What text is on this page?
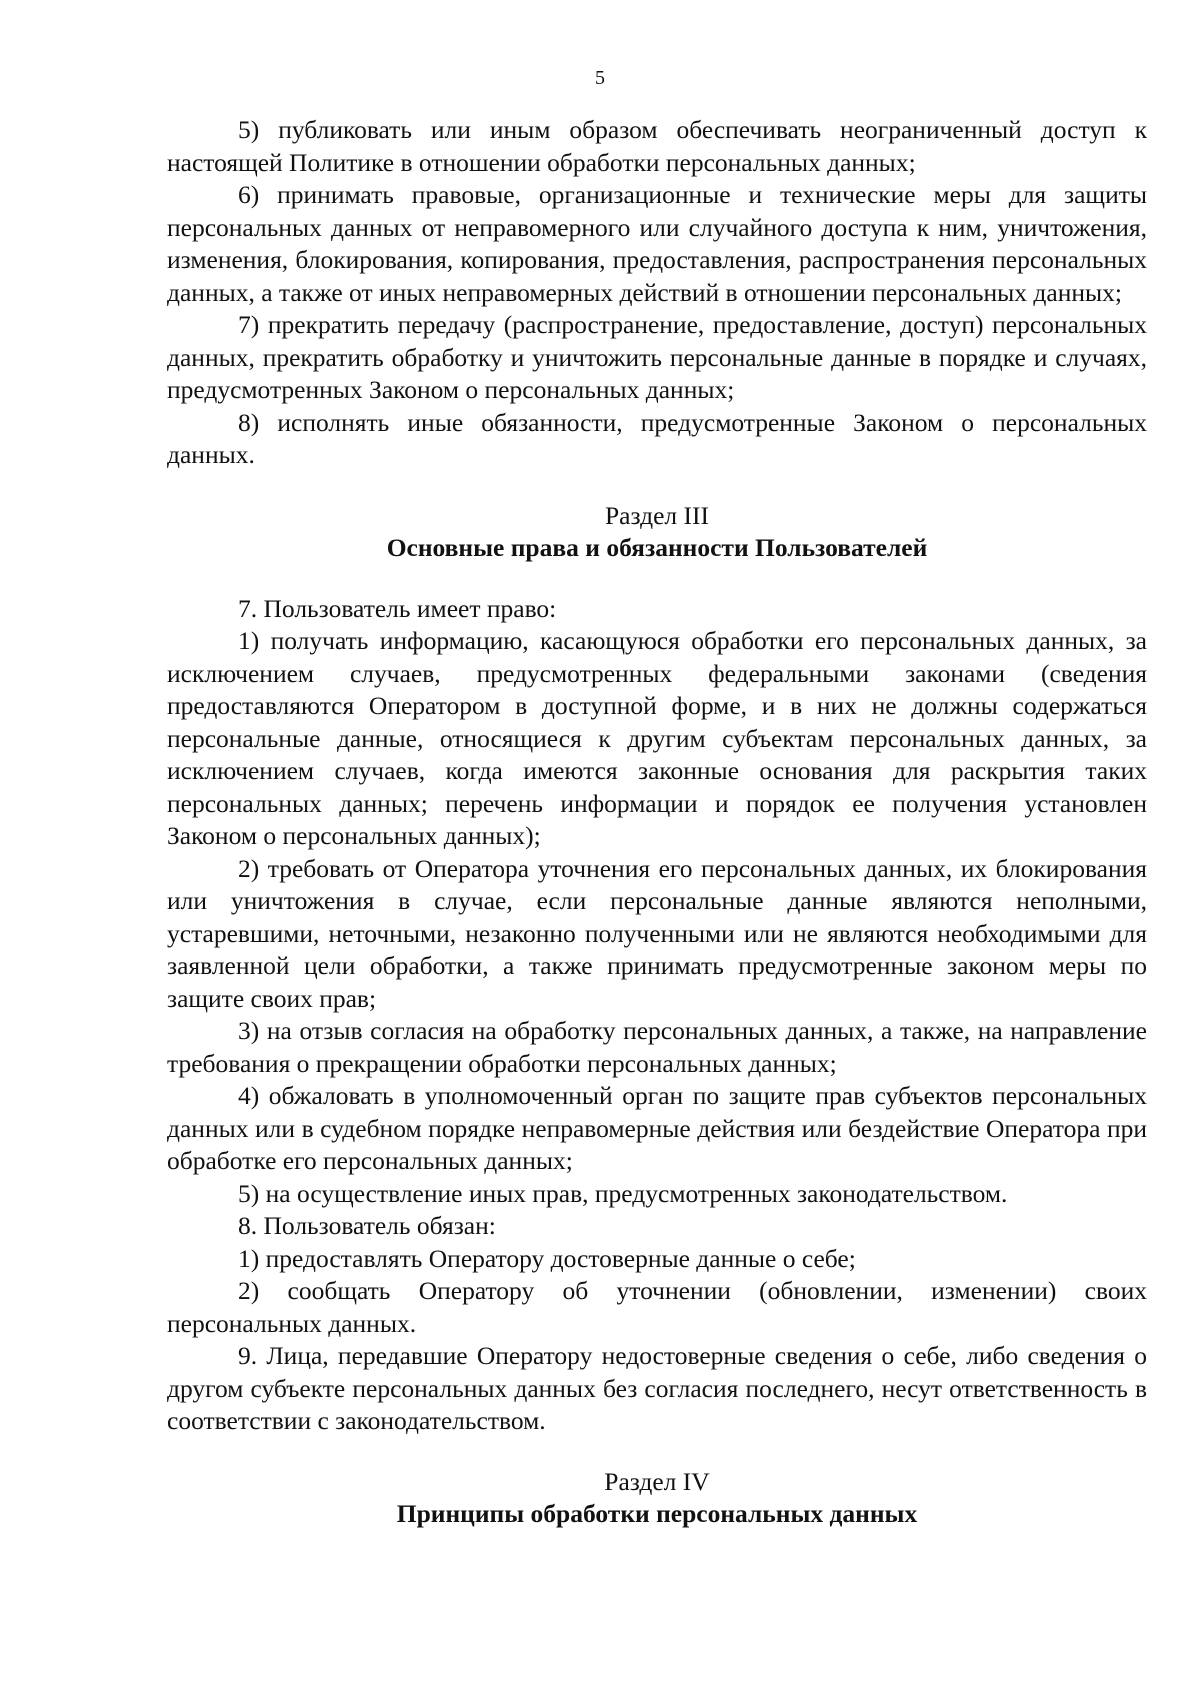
5

5) публиковать или иным образом обеспечивать неограниченный доступ к настоящей Политике в отношении обработки персональных данных;

6) принимать правовые, организационные и технические меры для защиты персональных данных от неправомерного или случайного доступа к ним, уничтожения, изменения, блокирования, копирования, предоставления, распространения персональных данных, а также от иных неправомерных действий в отношении персональных данных;

7) прекратить передачу (распространение, предоставление, доступ) персональных данных, прекратить обработку и уничтожить персональные данные в порядке и случаях, предусмотренных Законом о персональных данных;

8) исполнять иные обязанности, предусмотренные Законом о персональных данных.

Раздел III

Основные права и обязанности Пользователей

7. Пользователь имеет право:

1) получать информацию, касающуюся обработки его персональных данных, за исключением случаев, предусмотренных федеральными законами (сведения предоставляются Оператором в доступной форме, и в них не должны содержаться персональные данные, относящиеся к другим субъектам персональных данных, за исключением случаев, когда имеются законные основания для раскрытия таких персональных данных; перечень информации и порядок ее получения установлен Законом о персональных данных);

2) требовать от Оператора уточнения его персональных данных, их блокирования или уничтожения в случае, если персональные данные являются неполными, устаревшими, неточными, незаконно полученными или не являются необходимыми для заявленной цели обработки, а также принимать предусмотренные законом меры по защите своих прав;

3) на отзыв согласия на обработку персональных данных, а также, на направление требования о прекращении обработки персональных данных;

4) обжаловать в уполномоченный орган по защите прав субъектов персональных данных или в судебном порядке неправомерные действия или бездействие Оператора при обработке его персональных данных;

5) на осуществление иных прав, предусмотренных законодательством.

8. Пользователь обязан:

1) предоставлять Оператору достоверные данные о себе;

2) сообщать Оператору об уточнении (обновлении, изменении) своих персональных данных.

9. Лица, передавшие Оператору недостоверные сведения о себе, либо сведения о другом субъекте персональных данных без согласия последнего, несут ответственность в соответствии с законодательством.

Раздел IV

Принципы обработки персональных данных
